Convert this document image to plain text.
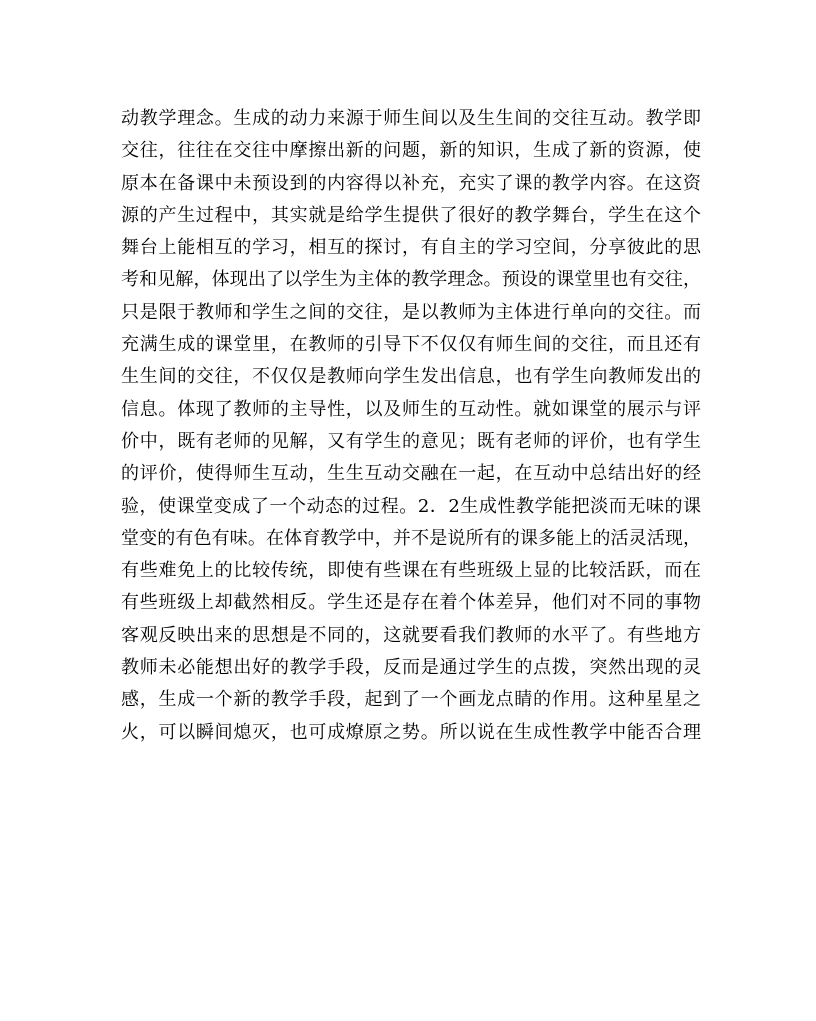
动教学理念。生成的动力来源于师生间以及生生间的交往互动。教学即
交往，往往在交往中摩擦出新的问题，新的知识，生成了新的资源，使
原本在备课中未预设到的内容得以补充，充实了课的教学内容。在这资
源的产生过程中，其实就是给学生提供了很好的教学舞台，学生在这个
舞台上能相互的学习，相互的探讨，有自主的学习空间，分享彼此的思
考和见解，体现出了以学生为主体的教学理念。预设的课堂里也有交往，
只是限于教师和学生之间的交往，是以教师为主体进行单向的交往。而
充满生成的课堂里，在教师的引导下不仅仅有师生间的交往，而且还有
生生间的交往，不仅仅是教师向学生发出信息，也有学生向教师发出的
信息。体现了教师的主导性，以及师生的互动性。就如课堂的展示与评
价中，既有老师的见解，又有学生的意见；既有老师的评价，也有学生
的评价，使得师生互动，生生互动交融在一起，在互动中总结出好的经
验，使课堂变成了一个动态的过程。2．2生成性教学能把淡而无味的课
堂变的有色有味。在体育教学中，并不是说所有的课多能上的活灵活现，
有些难免上的比较传统，即使有些课在有些班级上显的比较活跃，而在
有些班级上却截然相反。学生还是存在着个体差异，他们对不同的事物
客观反映出来的思想是不同的，这就要看我们教师的水平了。有些地方
教师未必能想出好的教学手段，反而是通过学生的点拨，突然出现的灵
感，生成一个新的教学手段，起到了一个画龙点睛的作用。这种星星之
火，可以瞬间熄灭，也可成燎原之势。所以说在生成性教学中能否合理
